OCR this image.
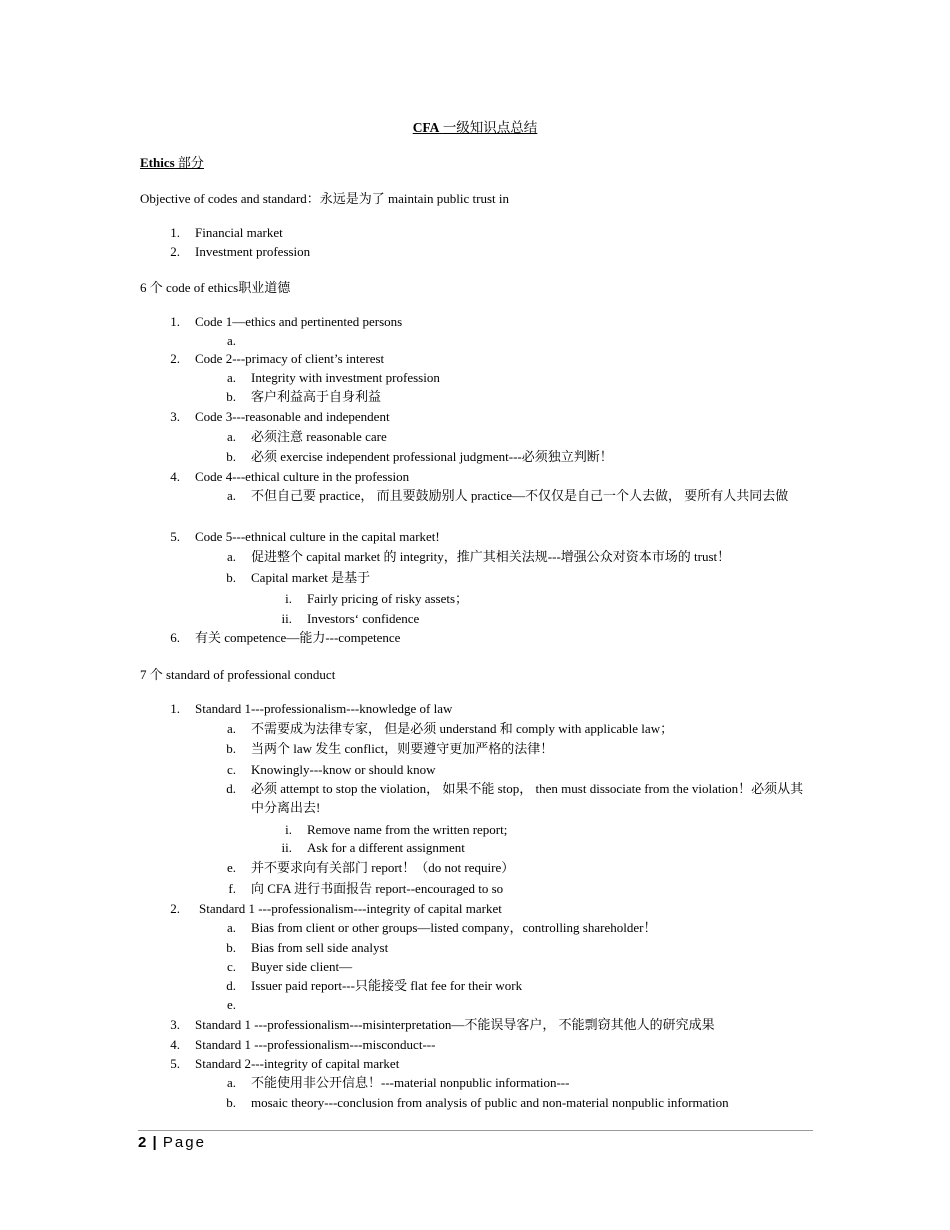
CFA 一级知识点总结
Ethics 部分
Objective of codes and standard：永远是为了 maintain public trust in
1. Financial market
2. Investment profession
6 个 code of ethics职业道德
1. Code 1—ethics and pertinented persons
a.
2. Code 2---primacy of client’s interest
a. Integrity with investment profession
b. 客户利益高于自身利益
3. Code 3---reasonable and independent
a. 必须注意 reasonable care
b. 必须 exercise independent professional judgment---必须独立判断！
4. Code 4---ethical culture in the profession
a. 不但自己要 practice， 而且要鼓励别人 practice—不仅仅是自己一个人去做， 要所有人共同去做
5. Code 5---ethnical culture in the capital market!
a. 促进整个 capital market 的 integrity，推广其相关法规---增强公众对资本市场的 trust！
b. Capital market 是基于
i. Fairly pricing of risky assets；
ii. Investors‘ confidence
6. 有关 competence—能力---competence
7 个 standard of professional conduct
1. Standard 1---professionalism---knowledge of law
a. 不需要成为法律专家， 但是必须 understand 和 comply with applicable law；
b. 当两个 law 发生 conflict，则要遵守更加严格的法律！
c. Knowingly---know or should know
d. 必须 attempt to stop the violation， 如果不能 stop， then must dissociate from the violation！必须从其中分离出去!
i. Remove name from the written report;
ii. Ask for a different assignment
e. 并不要求向有关部门 report！（do not require）
f. 向 CFA 进行书面报告 report--encouraged to so
2. Standard 1 ---professionalism---integrity of capital market
a. Bias from client or other groups—listed company，controlling shareholder！
b. Bias from sell side analyst
c. Buyer side client—
d. Issuer paid report---只能接受 flat fee for their work
e.
3. Standard 1 ---professionalism---misinterpretation—不能误导客户， 不能剽窃其他人的研究成果
4. Standard 1 ---professionalism---misconduct---
5. Standard 2---integrity of capital market
a. 不能使用非公开信息！---material nonpublic information---
b. mosaic theory---conclusion from analysis of public and non-material nonpublic information
2 | Page
